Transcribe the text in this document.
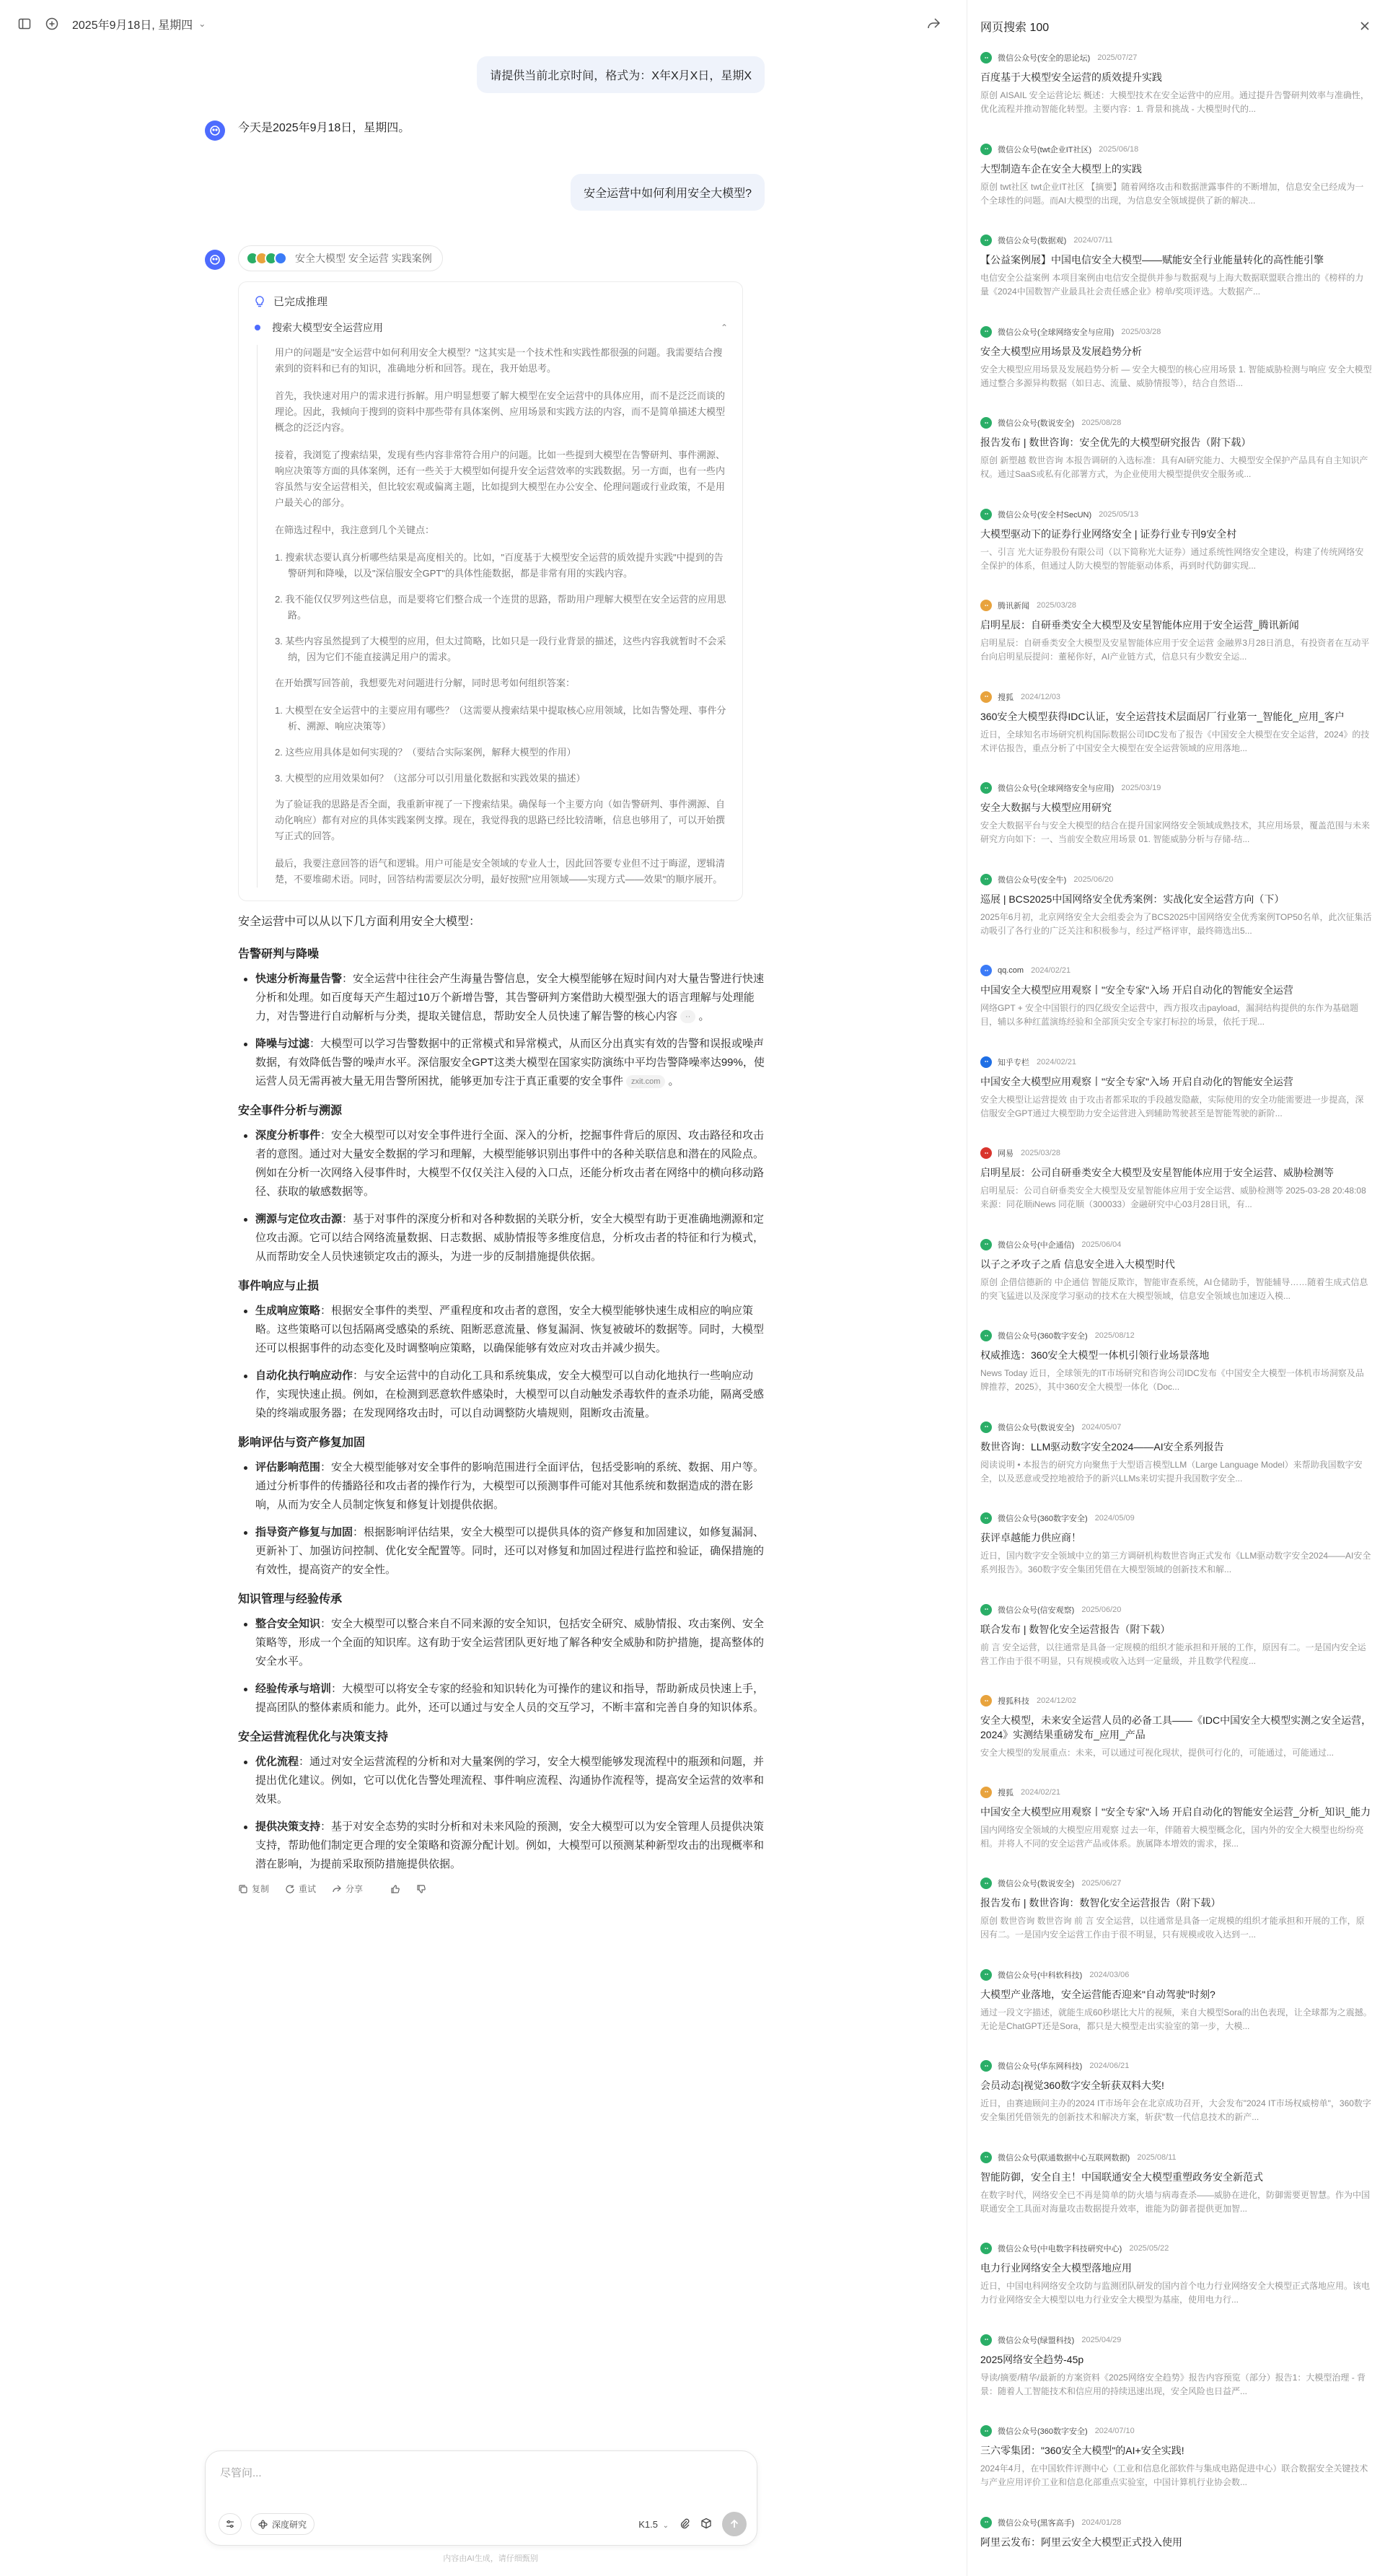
2025年9月18日, 星期四 ⌄
请提供当前北京时间，格式为：X年X月X日，星期X
今天是2025年9月18日，星期四。
安全运营中如何利用安全大模型?
安全大模型 安全运营 实践案例
已完成推理
搜索大模型安全运营应用	⌃

用户的问题是"安全运营中如何利用安全大模型？"这其实是一个技术性和实践性都很强的问题。我需要结合搜索到的资料和已有的知识，准确地分析和回答。现在，我开始思考。

首先，我快速对用户的需求进行拆解。用户明显想要了解大模型在安全运营中的具体应用，而不是泛泛而谈的理论。因此，我倾向于搜到的资料中那些带有具体案例、应用场景和实践方法的内容，而不是简单描述大模型概念的泛泛内容。

接着，我浏览了搜索结果，发现有些内容非常符合用户的问题。比如一些提到大模型在告警研判、事件溯源、响应决策等方面的具体案例，还有一些关于大模型如何提升安全运营效率的实践数据。另一方面，也有一些内容虽然与安全运营相关，但比较宏观或偏离主题，比如提到大模型在办公安全、伦理问题或行业政策，不是用户最关心的部分。

在筛选过程中，我注意到几个关键点：

1. 搜索状态要认真分析哪些结果是高度相关的。比如，"百度基于大模型安全运营的质效提升实践"中提到的告警研判和降噪，以及"深信服安全GPT"的具体性能数据，都是非常有用的实践内容。
2. 我不能仅仅罗列这些信息，而是要将它们整合成一个连贯的思路，帮助用户理解大模型在安全运营的应用思路。
3. 某些内容虽然提到了大模型的应用，但太过简略，比如只是一段行业背景的描述，这些内容我就暂时不会采纳，因为它们不能直接满足用户的需求。

在开始撰写回答前，我想要先对问题进行分解，同时思考如何组织答案：

1. 大模型在安全运营中的主要应用有哪些？（这需要从搜索结果中提取核心应用领域，比如告警处理、事件分析、溯源、响应决策等）
2. 这些应用具体是如何实现的？（要结合实际案例，解释大模型的作用）
3. 大模型的应用效果如何？（这部分可以引用量化数据和实践效果的描述）

为了验证我的思路是否全面，我重新审视了一下搜索结果。确保每一个主要方向（如告警研判、事件溯源、自动化响应）都有对应的具体实践案例支撑。现在，我觉得我的思路已经比较清晰，信息也够用了，可以开始撰写正式的回答。

最后，我要注意回答的语气和逻辑。用户可能是安全领域的专业人士，因此回答要专业但不过于晦涩，逻辑清楚，不要堆砌术语。同时，回答结构需要层次分明，最好按照"应用领域——实现方式——效果"的顺序展开。

安全运营中可以从以下几方面利用安全大模型：
告警研判与降噪
快速分析海量告警：安全运营中往往会产生海量告警信息，安全大模型能够在短时间内对大量告警进行快速分析和处理。如百度每天产生超过10万个新增告警，其告警研判方案借助大模型强大的语言理解与处理能力，对告警进行自动解析与分类，提取关键信息，帮助安全人员快速了解告警的核心内容 ·· 。
降噪与过滤：大模型可以学习告警数据中的正常模式和异常模式，从而区分出真实有效的告警和误报或噪声数据，有效降低告警的噪声水平。深信服安全GPT这类大模型在国家实防演练中平均告警降噪率达99%，使运营人员无需再被大量无用告警所困扰，能够更加专注于真正重要的安全事件 zxit.com 。
安全事件分析与溯源
深度分析事件：安全大模型可以对安全事件进行全面、深入的分析，挖掘事件背后的原因、攻击路径和攻击者的意图。通过对大量安全数据的学习和理解，大模型能够识别出事件中的各种关联信息和潜在的风险点。例如在分析一次网络入侵事件时，大模型不仅仅关注入侵的入口点，还能分析攻击者在网络中的横向移动路径、获取的敏感数据等。
溯源与定位攻击源：基于对事件的深度分析和对各种数据的关联分析，安全大模型有助于更准确地溯源和定位攻击源。它可以结合网络流量数据、日志数据、威胁情报等多维度信息，分析攻击者的特征和行为模式，从而帮助安全人员快速锁定攻击的源头，为进一步的反制措施提供依据。
事件响应与止损
生成响应策略：根据安全事件的类型、严重程度和攻击者的意图，安全大模型能够快速生成相应的响应策略。这些策略可以包括隔离受感染的系统、阻断恶意流量、修复漏洞、恢复被破坏的数据等。同时，大模型还可以根据事件的动态变化及时调整响应策略，以确保能够有效应对攻击并减少损失。
自动化执行响应动作：与安全运营中的自动化工具和系统集成，安全大模型可以自动化地执行一些响应动作，实现快速止损。例如，在检测到恶意软件感染时，大模型可以自动触发杀毒软件的查杀功能，隔离受感染的终端或服务器；在发现网络攻击时，可以自动调整防火墙规则，阻断攻击流量。
影响评估与资产修复加固
评估影响范围：安全大模型能够对安全事件的影响范围进行全面评估，包括受影响的系统、数据、用户等。通过分析事件的传播路径和攻击者的操作行为，大模型可以预测事件可能对其他系统和数据造成的潜在影响，从而为安全人员制定恢复和修复计划提供依据。
指导资产修复与加固：根据影响评估结果，安全大模型可以提供具体的资产修复和加固建议，如修复漏洞、更新补丁、加强访问控制、优化安全配置等。同时，还可以对修复和加固过程进行监控和验证，确保措施的有效性，提高资产的安全性。
知识管理与经验传承
整合安全知识：安全大模型可以整合来自不同来源的安全知识，包括安全研究、威胁情报、攻击案例、安全策略等，形成一个全面的知识库。这有助于安全运营团队更好地了解各种安全威胁和防护措施，提高整体的安全水平。
经验传承与培训：大模型可以将安全专家的经验和知识转化为可操作的建议和指导，帮助新成员快速上手，提高团队的整体素质和能力。此外，还可以通过与安全人员的交互学习，不断丰富和完善自身的知识体系。
安全运营流程优化与决策支持
优化流程：通过对安全运营流程的分析和对大量案例的学习，安全大模型能够发现流程中的瓶颈和问题，并提出优化建议。例如，它可以优化告警处理流程、事件响应流程、沟通协作流程等，提高安全运营的效率和效果。
提供决策支持：基于对安全态势的实时分析和对未来风险的预测，安全大模型可以为安全管理人员提供决策支持，帮助他们制定更合理的安全策略和资源分配计划。例如，大模型可以预测某种新型攻击的出现概率和潜在影响，为提前采取预防措施提供依据。
复制	重试	分享
尽管问...
深度研究	K1.5 ⌄
内容由AI生成，请仔细甄别
网页搜索 100
微信公众号(安全的思论坛) 2025/07/27
百度基于大模型安全运营的质效提升实践
原创 AISAIL 安全运营论坛 概述：大模型技术在安全运营中的应用。通过提升告警研判效率与准确性，优化流程并推动智能化转型。主要内容：1. 背景和挑战 - 大模型时代的...
微信公众号(twt企业IT社区) 2025/06/18
大型制造车企在安全大模型上的实践
原创 twt社区 twt企业IT社区 【摘要】随着网络攻击和数据泄露事件的不断增加，信息安全已经成为一个全球性的问题。而AI大模型的出现，为信息安全领域提供了新的解决...
微信公众号(数据观) 2024/07/11
【公益案例展】中国电信安全大模型——赋能安全行业能量转化的高性能引擎
电信安全公益案例 本项目案例由电信安全提供并参与数据观与上海大数据联盟联合推出的《榜样的力量《2024中国数智产业最具社会责任感企业》榜单/奖项评选。大数据产...
微信公众号(全球网络安全与应用) 2025/03/28
安全大模型应用场景及发展趋势分析
安全大模型应用场景及发展趋势分析 — 安全大模型的核心应用场景 1. 智能威胁检测与响应 安全大模型通过整合多源异构数据（如日志、流量、威胁情报等），结合自然语...
微信公众号(数说安全) 2025/08/28
报告发布 | 数世咨询：安全优先的大模型研究报告（附下载）
原创 新塑越 数世咨询 本报告调研的入选标准：具有AI研究能力、大模型安全保护产品具有自主知识产权。通过SaaS或私有化部署方式，为企业使用大模型提供安全服务或...
微信公众号(安全村SecUN) 2025/05/13
大模型驱动下的证券行业网络安全 | 证券行业专刊9安全村
一、引言 光大证券股份有限公司（以下简称光大证券）通过系统性网络安全建设，构建了传统网络安全保护的体系，但通过人防大模型的智能驱动体系，再到时代防御实现...
腾讯新闻 2025/03/28
启明星辰：自研垂类安全大模型及安星智能体应用于安全运营_腾讯新闻
启明星辰：自研垂类安全大模型及安星智能体应用于安全运营 金融界3月28日消息，有投资者在互动平台向启明星辰提问：董秘你好，AI产业链方式，信息只有少数安全运...
搜狐 2024/12/03
360安全大模型获得IDC认证，安全运营技术层面居厂行业第一_智能化_应用_客户
近日，全球知名市场研究机构国际数据公司IDC发布了报告《中国安全大模型在安全运营，2024》的技术评估报告，重点分析了中国安全大模型在安全运营领域的应用落地...
微信公众号(全球网络安全与应用) 2025/03/19
安全大数据与大模型应用研究
安全大数据平台与安全大模型的结合在提升国家网络安全领域成熟技术，其应用场景，覆盖范围与未来研究方向如下：一、当前安全数应用场景 01. 智能威胁分析与存储-结...
微信公众号(安全牛) 2025/06/20
巡展 | BCS2025中国网络安全优秀案例：实战化安全运营方向（下）
2025年6月初，北京网络安全大会组委会为了BCS2025中国网络安全优秀案例TOP50名单，此次征集活动吸引了各行业的广泛关注和积极参与，经过严格评审，最终筛选出5...
qq.com 2024/02/21
中国安全大模型应用观察丨"安全专家"入场 开启自动化的智能安全运营
网络GPT + 安全中国银行的四亿级安全运营中，西方报攻击payload，漏洞结构提供的东作为基础题目，辅以多种红蓝演练经验和全部顶尖安全专家打标拉的场景，依托于现...
知乎专栏 2024/02/21
中国安全大模型应用观察丨"安全专家"入场 开启自动化的智能安全运营
安全大模型让运营提效 由于攻击者都采取的手段越发隐蔽，实际使用的安全功能需要进一步提高，深信服安全GPT通过大模型助力安全运营进入到辅助驾驶甚至是智能驾驶的新阶...
网易 2025/03/28
启明星辰：公司自研垂类安全大模型及安星智能体应用于安全运营、威胁检测等
启明星辰：公司自研垂类安全大模型及安星智能体应用于安全运营、威胁检测等 2025-03-28 20:48:08 来源：同花顺iNews 同花顺（300033）金融研究中心03月28日讯，有...
微信公众号(中企通信) 2025/06/04
以子之矛攻子之盾 信息安全进入大模型时代
原创 企借信德新的 中企通信 智能反欺诈，智能审查系统，AI仓储助手，智能辅导……随着生成式信息的突飞猛进以及深度学习驱动的技术在大模型领域，信息安全领域也加速迈入模...
微信公众号(360数字安全) 2025/08/12
权威推选：360安全大模型一体机引领行业场景落地
News Today 近日，全球领先的IT市场研究和咨询公司IDC发布《中国安全大模型一体机市场洞察及品牌推荐，2025》，其中360安全大模型一体化（Doc...
微信公众号(数说安全) 2024/05/07
数世咨询：LLM驱动数字安全2024——AI安全系列报告
阅读说明 • 本报告的研究方向聚焦于大型语言模型LLM（Large Language Model）来帮助我国数字安全，以及恶意或受控地被给予的新兴LLMs来切实提升我国数字安全...
微信公众号(360数字安全) 2024/05/09
获评卓越能力供应商！
近日，国内数字安全领域中立的第三方调研机构数世咨询正式发布《LLM驱动数字安全2024——AI安全系列报告》。360数字安全集团凭借在大模型领域的创新技术和解...
微信公众号(信安观察) 2025/06/20
联合发布 | 数智化安全运营报告（附下载）
前 言 安全运营，以往通常是具备一定规模的组织才能承担和开展的工作，原因有二。一是国内安全运营工作由于很不明显，只有规模或收入达到一定量级，并且数学代程度...
搜狐科技 2024/12/02
安全大模型，未来安全运营人员的必备工具——《IDC中国安全大模型实测之安全运营，2024》实测结果重磅发布_应用_产品
安全大模型的发展重点：未来，可以通过可视化现状，提供可行化的，可能通过，可能通过...
搜狐 2024/02/21
中国安全大模型应用观察丨"安全专家"入场 开启自动化的智能安全运营_分析_知识_能力
国内网络安全领域的大模型应用观察 过去一年，伴随着大模型概念化，国内外的安全大模型也纷纷亮相。并将人不同的安全运营产品或体系。族属降本增效的需求，探...
微信公众号(数说安全) 2025/06/27
报告发布 | 数世咨询：数智化安全运营报告（附下载）
原创 数世咨询 数世咨询 前 言 安全运营，以往通常是具备一定规模的组织才能承担和开展的工作，原因有二。一是国内安全运营工作由于很不明显，只有规模或收入达到一...
微信公众号(中科软科技) 2024/03/06
大模型产业落地，安全运营能否迎来"自动驾驶"时刻?
通过一段文字描述，就能生成60秒堪比大片的视频，来自大模型Sora的出色表现，让全球都为之震撼。无论是ChatGPT还是Sora，都只是大模型走出实验室的第一步，大模...
微信公众号(华东网科技) 2024/06/21
会员动态|视觉360数字安全斩获双料大奖!
近日，由赛迪顾问主办的2024 IT市场年会在北京成功召开，大会发布"2024 IT市场权威榜单"，360数字安全集团凭借领先的创新技术和解决方案，斩获"数一代信息技术的新产...
微信公众号(联通数据中心互联网数据) 2025/08/11
智能防御，安全自主！中国联通安全大模型重塑政务安全新范式
在数字时代，网络安全已不再是简单的防火墙与病毒查杀——威胁在进化，防御需要更智慧。作为中国联通安全工具面对海量攻击数据提升效率，谁能为防御者提供更加智...
微信公众号(中电数字科技研究中心) 2025/05/22
电力行业网络安全大模型落地应用
近日，中国电科网络安全攻防与监测团队研发的国内首个电力行业网络安全大模型正式落地应用。该电力行业网络安全大模型以电力行业安全大模型为基座，使用电力行...
微信公众号(绿盟科技) 2025/04/29
2025网络安全趋势-45p
导读/摘要/精华/最新的方案资料《2025网络安全趋势》报告内容预览（部分）报告1：大模型治理 - 背景：随着人工智能技术和信应用的持续迅速出现，安全风险也日益严...
微信公众号(360数字安全) 2024/07/10
三六零集团："360安全大模型"的AI+安全实践!
2024年4月，在中国软件评测中心（工业和信息化部软件与集成电路促进中心）联合数据安全关键技术与产业应用评价工业和信息化部重点实验室，中国计算机行业协会数...
微信公众号(黑客高手) 2024/01/28
阿里云发布：阿里云安全大模型正式投入使用
